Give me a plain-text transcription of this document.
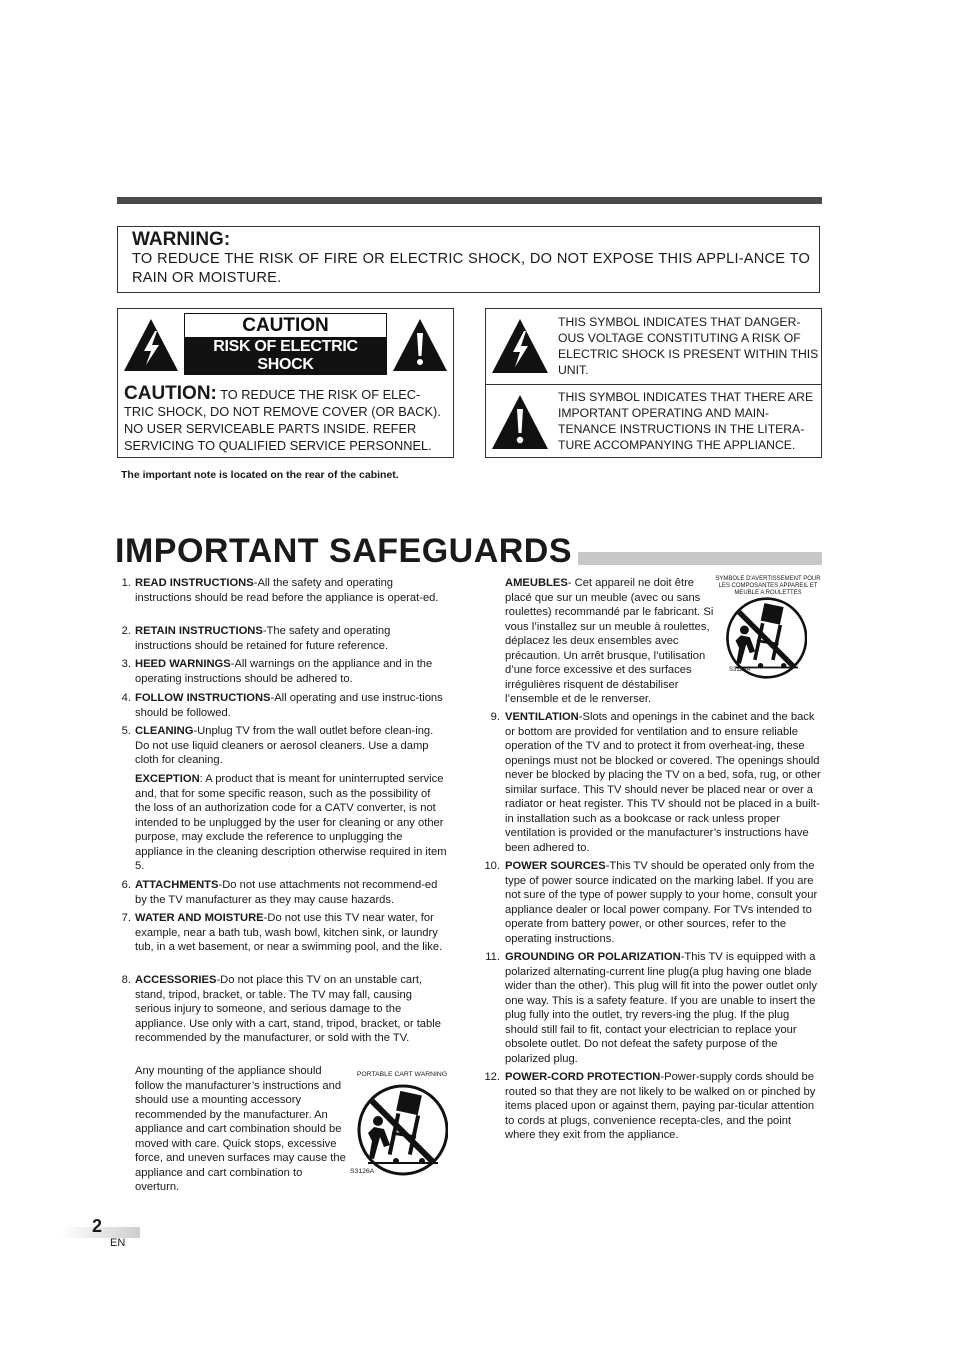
WARNING:
TO REDUCE THE RISK OF FIRE OR ELECTRIC SHOCK, DO NOT EXPOSE THIS APPLI-ANCE TO RAIN OR MOISTURE.
CAUTION
RISK OF ELECTRIC SHOCK
DO NOT OPEN
CAUTION: TO REDUCE THE RISK OF ELEC-TRIC SHOCK, DO NOT REMOVE COVER (OR BACK). NO USER SERVICEABLE PARTS INSIDE. REFER SERVICING TO QUALIFIED SERVICE PERSONNEL.
THIS SYMBOL INDICATES THAT DANGER-OUS VOLTAGE CONSTITUTING A RISK OF ELECTRIC SHOCK IS PRESENT WITHIN THIS UNIT.
THIS SYMBOL INDICATES THAT THERE ARE IMPORTANT OPERATING AND MAIN-TENANCE INSTRUCTIONS IN THE LITERA-TURE ACCOMPANYING THE APPLIANCE.
The important note is located on the rear of the cabinet.
IMPORTANT SAFEGUARDS
1. READ INSTRUCTIONS-All the safety and operating instructions should be read before the appliance is operat-ed.
2. RETAIN INSTRUCTIONS-The safety and operating instructions should be retained for future reference.
3. HEED WARNINGS-All warnings on the appliance and in the operating instructions should be adhered to.
4. FOLLOW INSTRUCTIONS-All operating and use instruc-tions should be followed.
5. CLEANING-Unplug TV from the wall outlet before clean-ing. Do not use liquid cleaners or aerosol cleaners. Use a damp cloth for cleaning.
EXCEPTION: A product that is meant for uninterrupted service and, that for some specific reason, such as the possibility of the loss of an authorization code for a CATV converter, is not intended to be unplugged by the user for cleaning or any other purpose, may exclude the reference to unplugging the appliance in the cleaning description otherwise required in item 5.
6. ATTACHMENTS-Do not use attachments not recommend-ed by the TV manufacturer as they may cause hazards.
7. WATER AND MOISTURE-Do not use this TV near water, for example, near a bath tub, wash bowl, kitchen sink, or laundry tub, in a wet basement, or near a swimming pool, and the like.
8. ACCESSORIES-Do not place this TV on an unstable cart, stand, tripod, bracket, or table. The TV may fall, causing serious injury to someone, and serious damage to the appliance. Use only with a cart, stand, tripod, bracket, or table recommended by the manufacturer, or sold with the TV.
Any mounting of the appliance should follow the manufacturer’s instructions and should use a mounting accessory recommended by the manufacturer. An appliance and cart combination should be moved with care. Quick stops, excessive force, and uneven surfaces may cause the appliance and cart combination to overturn.
PORTABLE CART WARNING
S3126A
AMEUBLES- Cet appareil ne doit être placé que sur un meuble (avec ou sans roulettes) recommandé par le fabricant. Si vous l’installez sur un meuble à roulettes, déplacez les deux ensembles avec précaution. Un arrêt brusque, l’utilisation d’une force excessive et des surfaces irrégulières risquent de déstabiliser l’ensemble et de le renverser.
SYMBOLE D'AVERTISSEMENT POUR LES COMPOSANTES APPAREIL ET MEUBLE A ROULETTES
S3126A
9. VENTILATION-Slots and openings in the cabinet and the back or bottom are provided for ventilation and to ensure reliable operation of the TV and to protect it from overheat-ing, these openings must not be blocked or covered. The openings should never be blocked by placing the TV on a bed, sofa, rug, or other similar surface. This TV should never be placed near or over a radiator or heat register. This TV should not be placed in a built-in installation such as a bookcase or rack unless proper ventilation is provided or the manufacturer’s instructions have been adhered to.
10. POWER SOURCES-This TV should be operated only from the type of power source indicated on the marking label. If you are not sure of the type of power supply to your home, consult your appliance dealer or local power company. For TVs intended to operate from battery power, or other sources, refer to the operating instructions.
11. GROUNDING OR POLARIZATION-This TV is equipped with a polarized alternating-current line plug(a plug having one blade wider than the other). This plug will fit into the power outlet only one way. This is a safety feature. If you are unable to insert the plug fully into the outlet, try revers-ing the plug. If the plug should still fail to fit, contact your electrician to replace your obsolete outlet. Do not defeat the safety purpose of the polarized plug.
12. POWER-CORD PROTECTION-Power-supply cords should be routed so that they are not likely to be walked on or pinched by items placed upon or against them, paying par-ticular attention to cords at plugs, convenience recepta-cles, and the point where they exit from the appliance.
2
EN
